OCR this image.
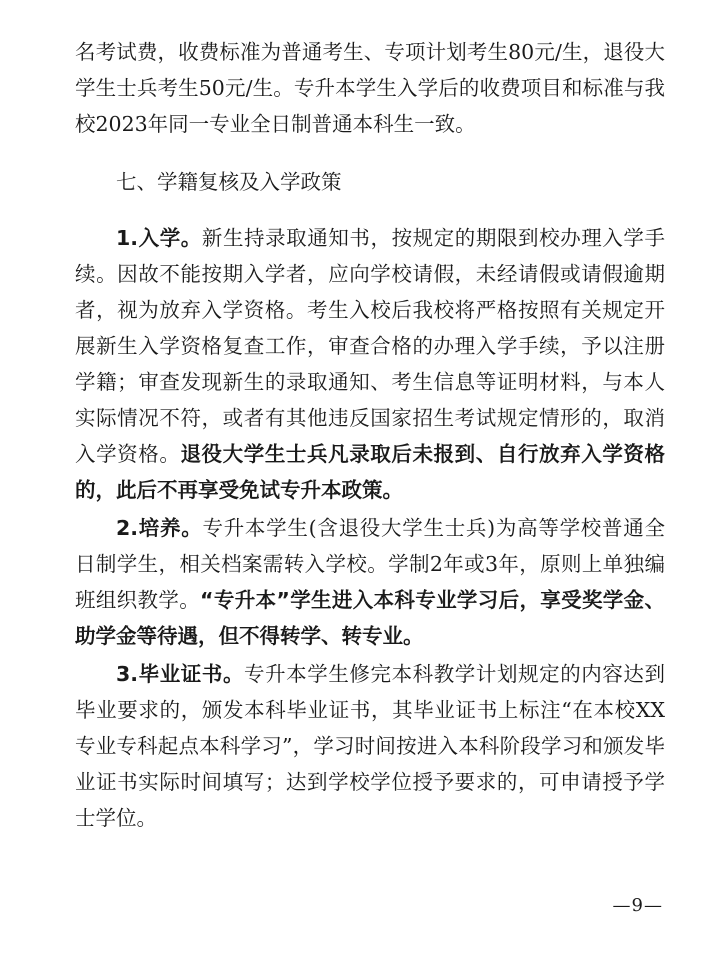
名考试费，收费标准为普通考生、专项计划考生80元/生，退役大学生士兵考生50元/生。专升本学生入学后的收费项目和标准与我校2023年同一专业全日制普通本科生一致。

七、学籍复核及入学政策

1.入学。新生持录取通知书，按规定的期限到校办理入学手续。因故不能按期入学者，应向学校请假，未经请假或请假逾期者，视为放弃入学资格。考生入校后我校将严格按照有关规定开展新生入学资格复查工作，审查合格的办理入学手续，予以注册学籍；审查发现新生的录取通知、考生信息等证明材料，与本人实际情况不符，或者有其他违反国家招生考试规定情形的，取消入学资格。退役大学生士兵凡录取后未报到、自行放弃入学资格的，此后不再享受免试专升本政策。

2.培养。专升本学生(含退役大学生士兵)为高等学校普通全日制学生，相关档案需转入学校。学制2年或3年，原则上单独编班组织教学。“专升本”学生进入本科专业学习后，享受奖学金、助学金等待遇，但不得转学、转专业。

3.毕业证书。专升本学生修完本科教学计划规定的内容达到毕业要求的，颁发本科毕业证书，其毕业证书上标注“在本校XX专业专科起点本科学习”，学习时间按进入本科阶段学习和颁发毕业证书实际时间填写；达到学校学位授予要求的，可申请授予学士学位。

—9—
